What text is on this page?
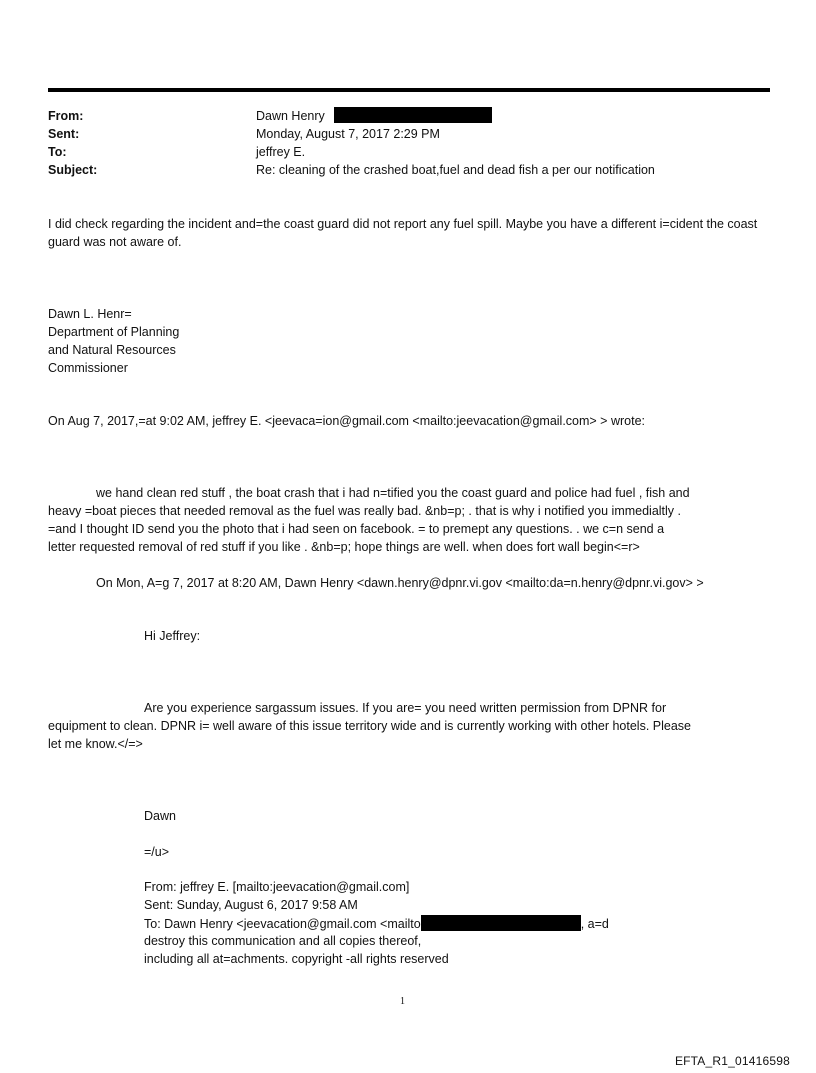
From:	Dawn Henry
Sent:	Monday, August 7, 2017 2:29 PM
To:	jeffrey E.
Subject:	Re: cleaning of the crashed boat,fuel and dead fish a per our notification
I did check regarding the incident and=the coast guard did not report any fuel spill. Maybe you have a different i=cident the coast guard was not aware of.
Dawn L. Henr=
Department of Planning
and Natural Resources
Commissioner
On Aug 7, 2017,=at 9:02 AM, jeffrey E. <jeevaca=ion@gmail.com <mailto:jeevacation@gmail.com> > wrote:
we hand clean red stuff , the boat crash that i had n=tified you the coast guard and police had fuel , fish and
heavy =boat pieces that needed removal as the fuel was really bad. &nb=p; . that is why i notified you immedialtly .
=and I thought ID send you the photo that i had seen on facebook. = to premept any questions. . we c=n send a
letter requested removal of red stuff if you like . &nb=p; hope things are well. when does fort wall begin<=r>
On Mon, A=g 7, 2017 at 8:20 AM, Dawn Henry <dawn.henry@dpnr.vi.gov <mailto:da=n.henry@dpnr.vi.gov> >
Hi Jeffrey:
Are you experience sargassum issues. If you are= you need written permission from DPNR for
equipment to clean. DPNR i= well aware of this issue territory wide and is currently working with other hotels. Please
let me know.</=>
Dawn
=/u>
From: jeffrey E. [mailto:jeevacation@gmail.com]
Sent: Sunday, August 6, 2017 9:58 AM
To: Dawn Henry <jeevacation@gmail.com <mailto	, a=d
destroy this communication and all copies thereof,
including all at=achments. copyright -all rights reserved
1
EFTA_R1_01416598
